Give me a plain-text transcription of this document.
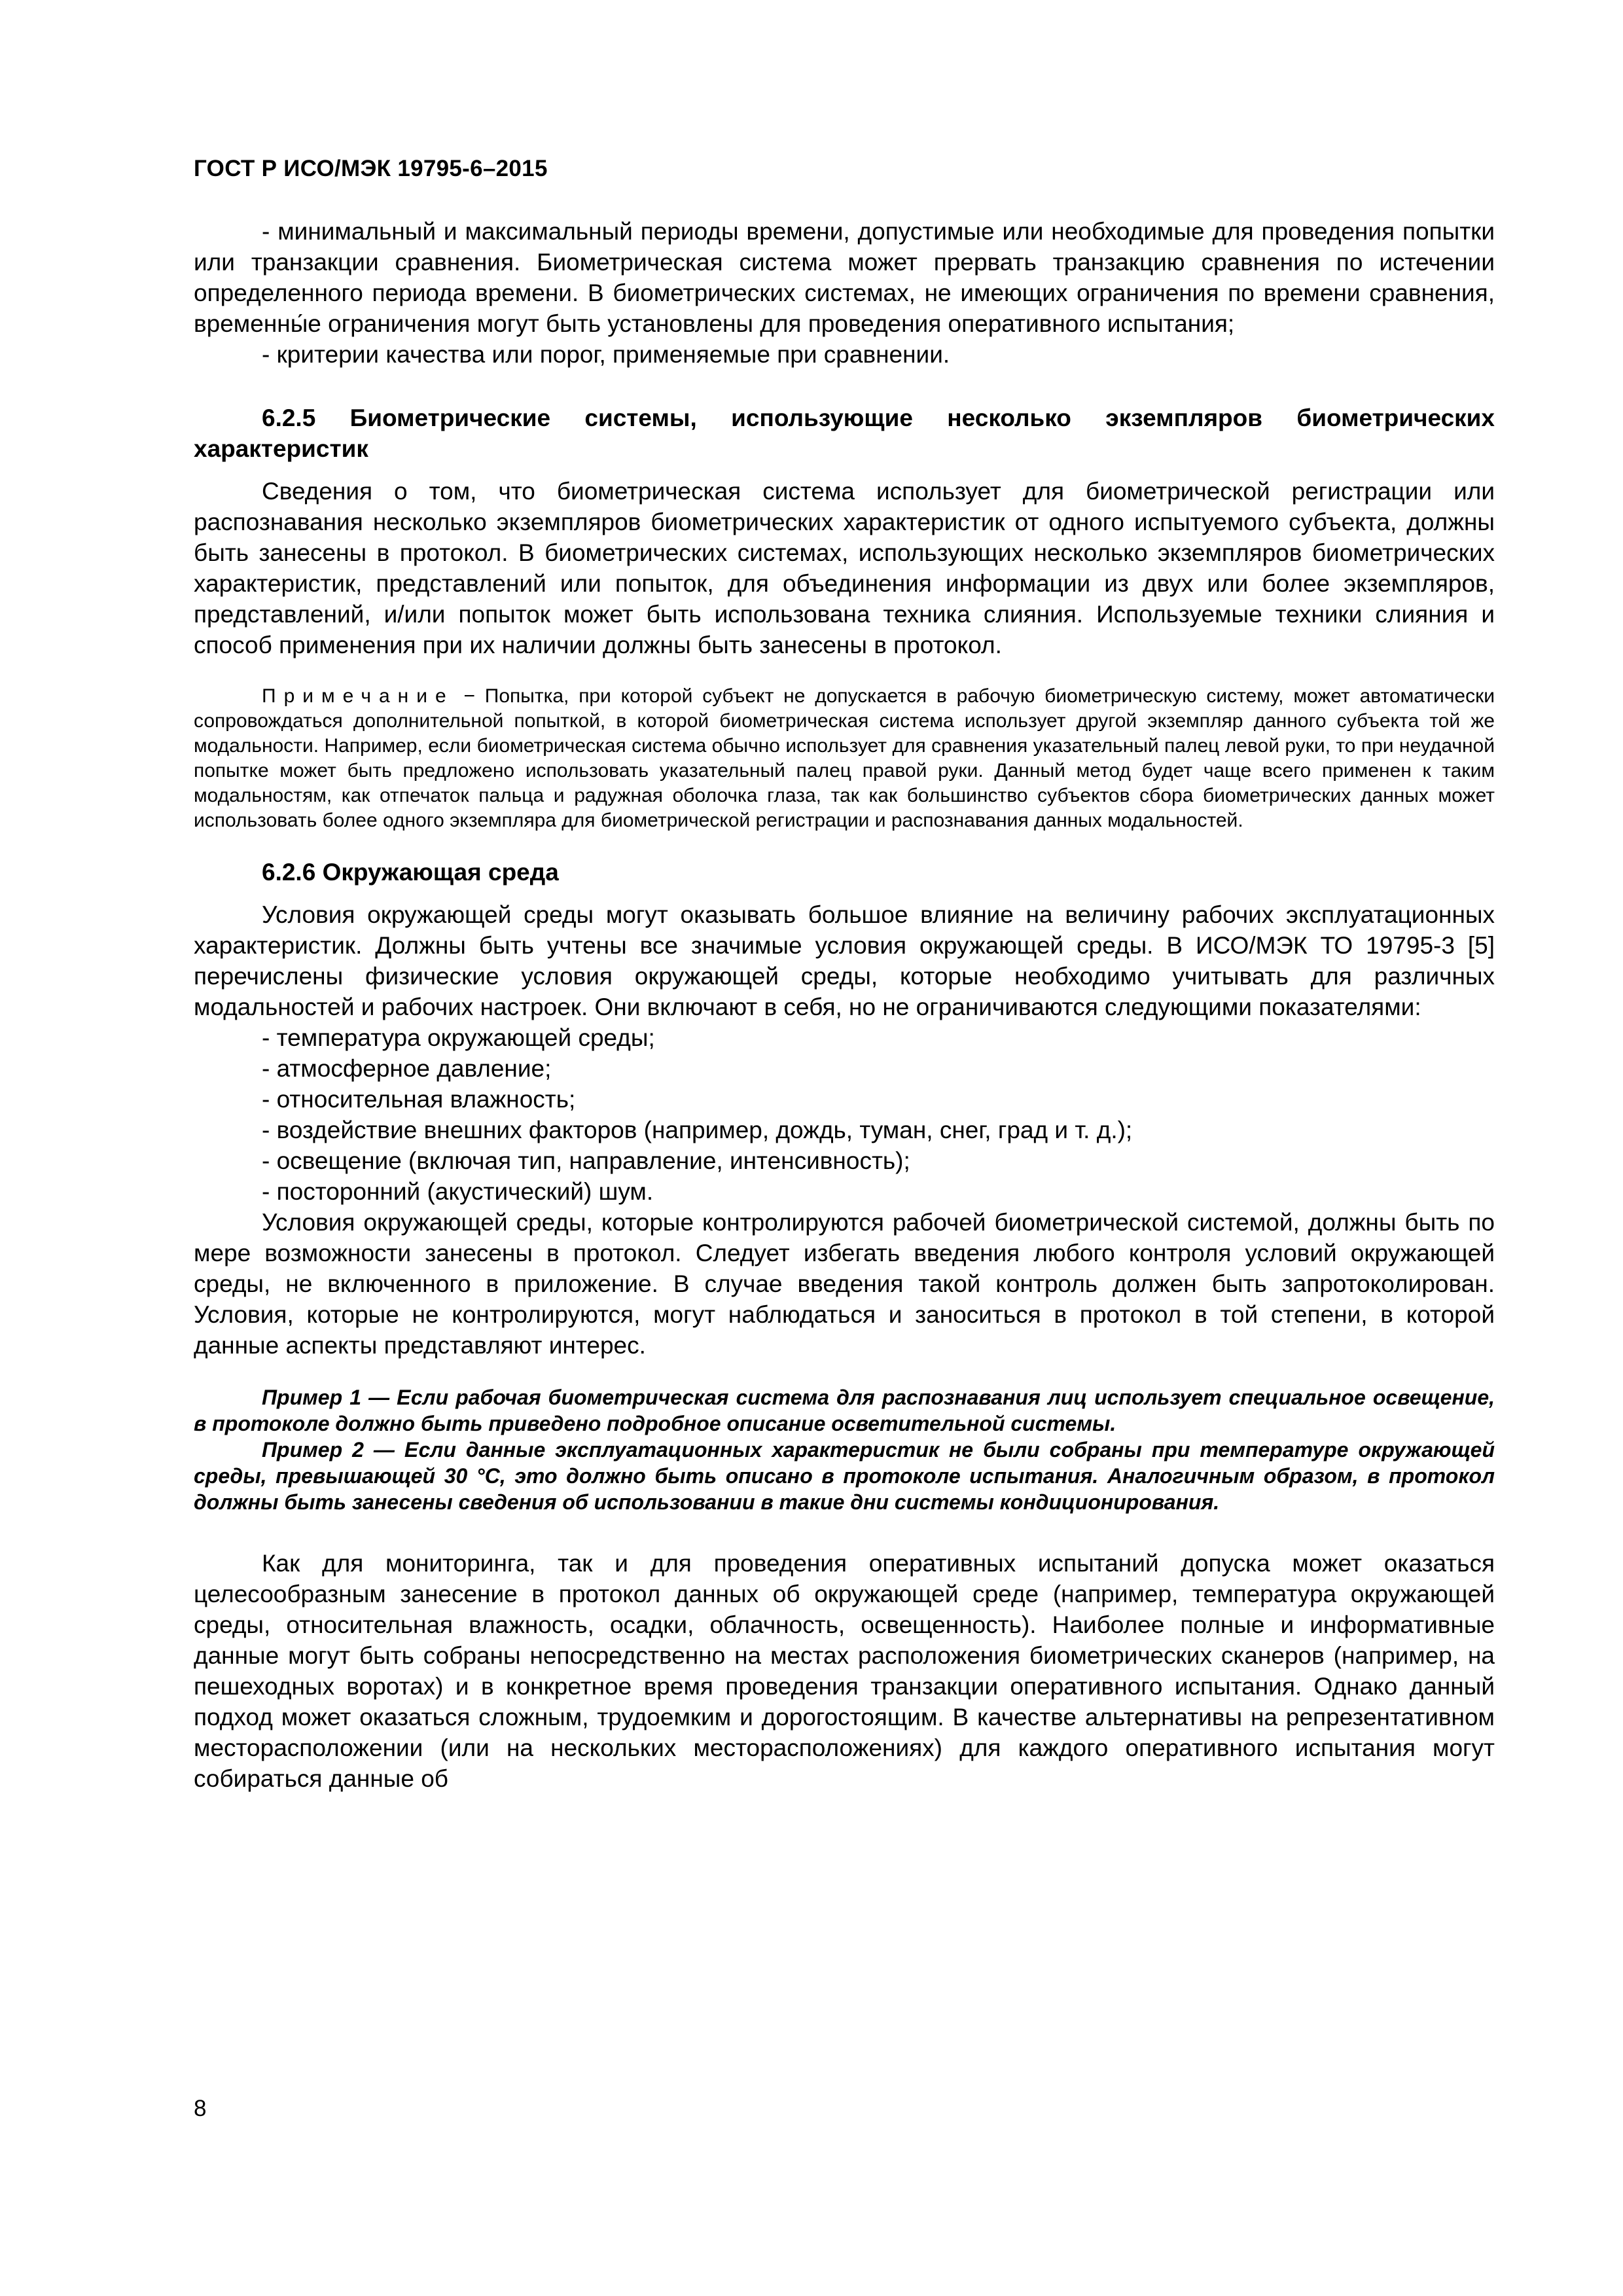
ГОСТ Р ИСО/МЭК 19795-6–2015

- минимальный и максимальный периоды времени, допустимые или необходимые для проведения попытки или транзакции сравнения. Биометрическая система может прервать транзакцию сравнения по истечении определенного периода времени. В биометрических системах, не имеющих ограничения по времени сравнения, временны́е ограничения могут быть установлены для проведения оперативного испытания;

- критерии качества или порог, применяемые при сравнении.

6.2.5 Биометрические системы, использующие несколько экземпляров биометрических характеристик

Сведения о том, что биометрическая система использует для биометрической регистрации или распознавания несколько экземпляров биометрических характеристик от одного испытуемого субъекта, должны быть занесены в протокол. В биометрических системах, использующих несколько экземпляров биометрических характеристик, представлений или попыток, для объединения информации из двух или более экземпляров, представлений, и/или попыток может быть использована техника слияния. Используемые техники слияния и способ применения при их наличии должны быть занесены в протокол.

Примечание − Попытка, при которой субъект не допускается в рабочую биометрическую систему, может автоматически сопровождаться дополнительной попыткой, в которой биометрическая система использует другой экземпляр данного субъекта той же модальности. Например, если биометрическая система обычно использует для сравнения указательный палец левой руки, то при неудачной попытке может быть предложено использовать указательный палец правой руки. Данный метод будет чаще всего применен к таким модальностям, как отпечаток пальца и радужная оболочка глаза, так как большинство субъектов сбора биометрических данных может использовать более одного экземпляра для биометрической регистрации и распознавания данных модальностей.

6.2.6 Окружающая среда

Условия окружающей среды могут оказывать большое влияние на величину рабочих эксплуатационных характеристик. Должны быть учтены все значимые условия окружающей среды. В ИСО/МЭК ТО 19795-3 [5] перечислены физические условия окружающей среды, которые необходимо учитывать для различных модальностей и рабочих настроек. Они включают в себя, но не ограничиваются следующими показателями:

- температура окружающей среды;

- атмосферное давление;

- относительная влажность;

- воздействие внешних факторов (например, дождь, туман, снег, град и т. д.);

- освещение (включая тип, направление, интенсивность);

- посторонний (акустический) шум.

Условия окружающей среды, которые контролируются рабочей биометрической системой, должны быть по мере возможности занесены в протокол. Следует избегать введения любого контроля условий окружающей среды, не включенного в приложение. В случае введения такой контроль должен быть запротоколирован. Условия, которые не контролируются, могут наблюдаться и заноситься в протокол в той степени, в которой данные аспекты представляют интерес.

Пример 1 — Если рабочая биометрическая система для распознавания лиц использует специальное освещение, в протоколе должно быть приведено подробное описание осветительной системы.

Пример 2 — Если данные эксплуатационных характеристик не были собраны при температуре окружающей среды, превышающей 30 °С, это должно быть описано в протоколе испытания. Аналогичным образом, в протокол должны быть занесены сведения об использовании в такие дни системы кондиционирования.

Как для мониторинга, так и для проведения оперативных испытаний допуска может оказаться целесообразным занесение в протокол данных об окружающей среде (например, температура окружающей среды, относительная влажность, осадки, облачность, освещенность). Наиболее полные и информативные данные могут быть собраны непосредственно на местах расположения биометрических сканеров (например, на пешеходных воротах) и в конкретное время проведения транзакции оперативного испытания. Однако данный подход может оказаться сложным, трудоемким и дорогостоящим. В качестве альтернативы на репрезентативном месторасположении (или на нескольких месторасположениях) для каждого оперативного испытания могут собираться данные об

8
